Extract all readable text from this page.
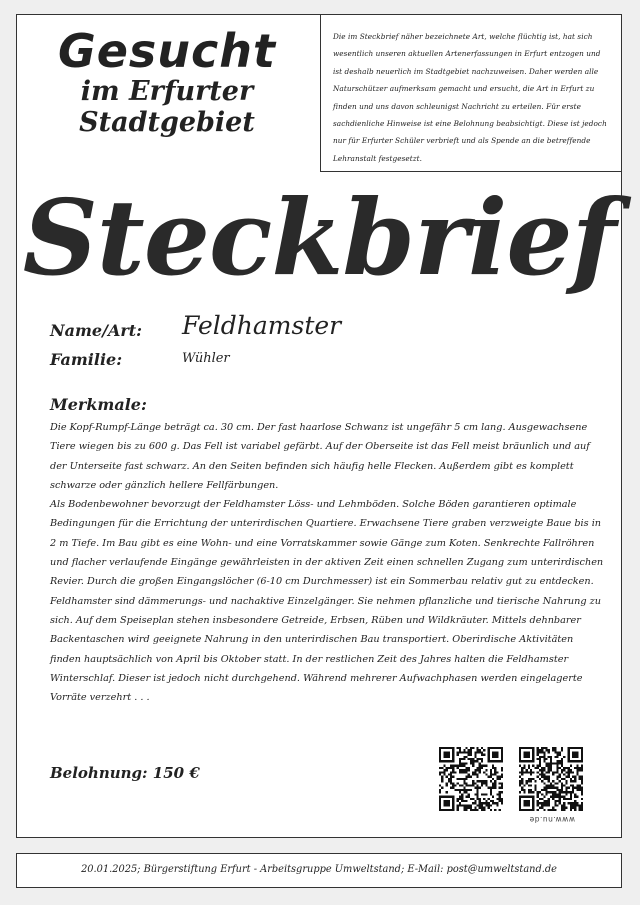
Gesucht
im Erfurter
Stadtgebiet

Die im Steckbrief näher bezeichnete Art, welche flüchtig ist, hat sich wesentlich unseren aktuellen Artenerfassungen in Erfurt entzogen und ist deshalb neuerlich im Stadtgebiet nachzuweisen. Daher werden alle Naturschützer aufmerksam gemacht und ersucht, die Art in Erfurt zu finden und uns davon schleunigst Nachricht zu erteilen. Für erste sachdienliche Hinweise ist eine Belohnung beabsichtigt. Diese ist jedoch nur für Erfurter Schüler verbrieft und als Spende an die betreffende Lehranstalt festgesetzt.

Steckbrief
Name/Art: Feldhamster
Familie:	Wühler
Merkmale:

Die Kopf-Rumpf-Länge beträgt ca. 30 cm. Der fast haarlose Schwanz ist ungefähr 5 cm lang. Ausgewachsene Tiere wiegen bis zu 600 g. Das Fell ist variabel gefärbt. Auf der Oberseite ist das Fell meist bräunlich und auf der Unterseite fast schwarz. An den Seiten befinden sich häufig helle Flecken. Außerdem gibt es komplett schwarze oder gänzlich hellere Fellfärbungen.

Als Bodenbewohner bevorzugt der Feldhamster Löss- und Lehmböden. Solche Böden garantieren optimale Bedingungen für die Errichtung der unterirdischen Quartiere. Erwachsene Tiere graben verzweigte Baue bis in 2 m Tiefe. Im Bau gibt es eine Wohn- und eine Vorratskammer sowie Gänge zum Koten. Senkrechte Fallröhren und flacher verlaufende Eingänge gewährleisten in der aktiven Zeit einen schnellen Zugang zum unterirdischen Revier. Durch die großen Eingangslöcher (6-10 cm Durchmesser) ist ein Sommerbau relativ gut zu entdecken.

Feldhamster sind dämmerungs- und nachaktive Einzelgänger. Sie nehmen pflanzliche und tierische Nahrung zu sich. Auf dem Speiseplan stehen insbesondere Getreide, Erbsen, Rüben und Wildkräuter. Mittels dehnbarer Backentaschen wird geeignete Nahrung in den unterirdischen Bau transportiert. Oberirdische Aktivitäten finden hauptsächlich von April bis Oktober statt. In der restlichen Zeit des Jahres halten die Feldhamster Winterschlaf. Dieser ist jedoch nicht durchgehend. Während mehrerer Aufwachphasen werden eingelagerte Vorräte verzehrt . . .

Belohnung: 150 €
www.nu.de
20.01.2025; Bürgerstiftung Erfurt - Arbeitsgruppe Umweltstand; E-Mail: post@umweltstand.de
